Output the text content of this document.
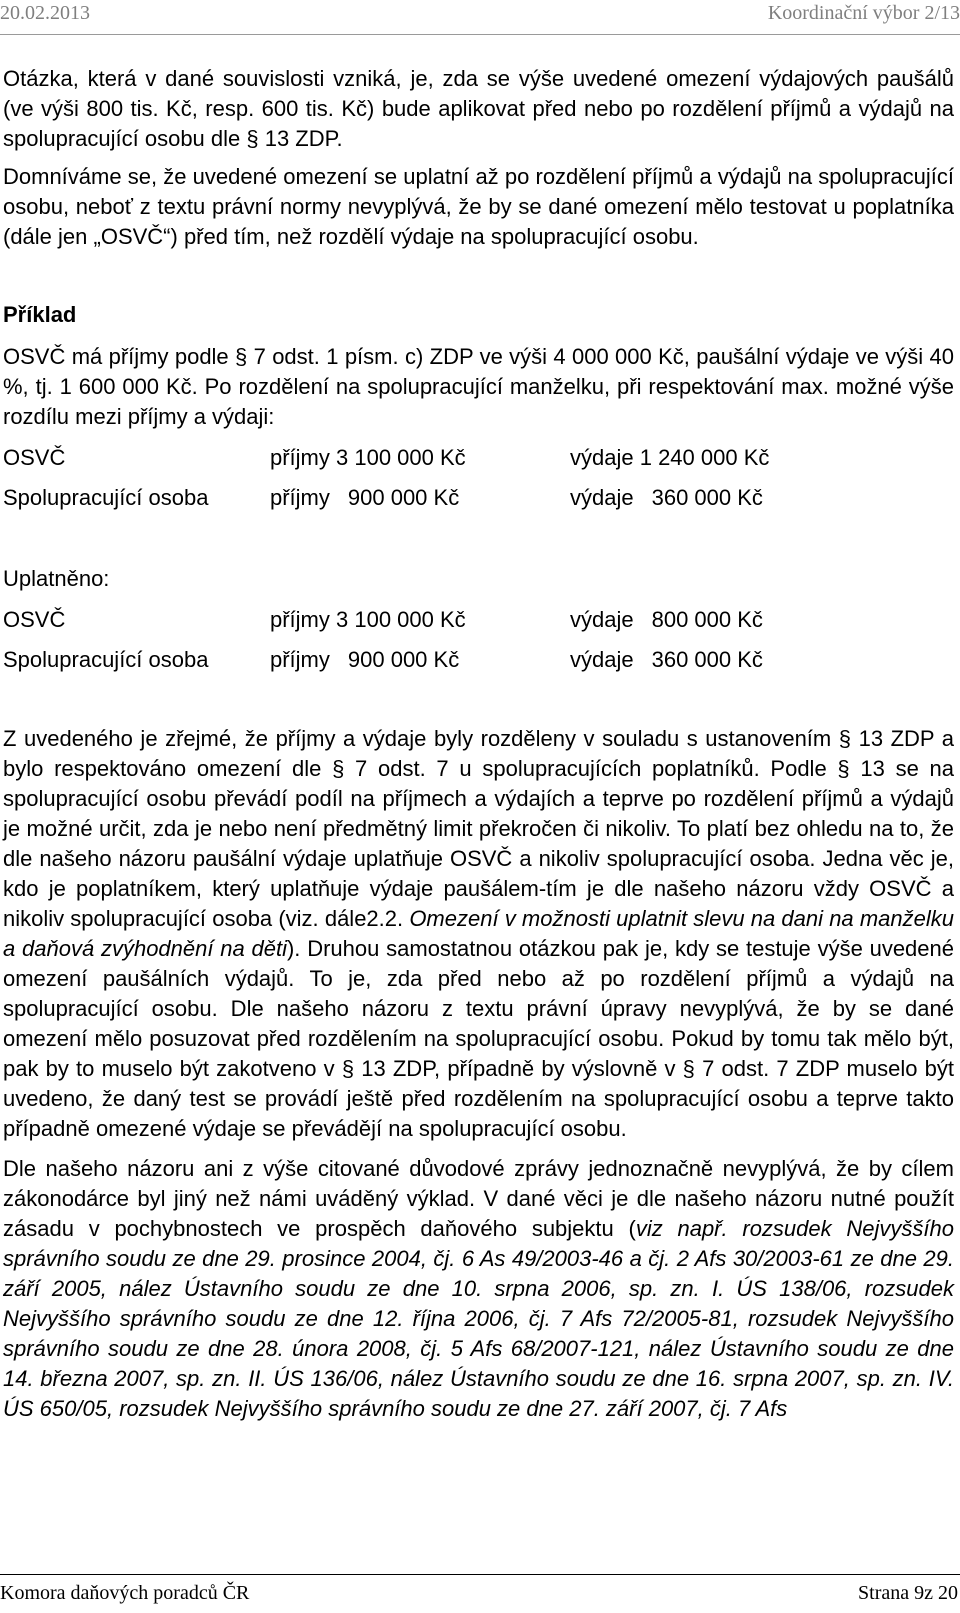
20.02.2013	Koordinační výbor 2/13

Otázka, která v dané souvislosti vzniká, je, zda se výše uvedené omezení výdajových paušálů (ve výši 800 tis. Kč, resp. 600 tis. Kč) bude aplikovat před nebo po rozdělení příjmů a výdajů na spolupracující osobu dle § 13 ZDP.

Domníváme se, že uvedené omezení se uplatní až po rozdělení příjmů a výdajů na spolupracující osobu, neboť z textu právní normy nevyplývá, že by se dané omezení mělo testovat u poplatníka (dále jen „OSVČ“) před tím, než rozdělí výdaje na spolupracující osobu.

Příklad

OSVČ má příjmy podle § 7 odst. 1 písm. c) ZDP ve výši 4 000 000 Kč, paušální výdaje ve výši 40 %, tj. 1 600 000 Kč. Po rozdělení na spolupracující manželku, při respektování max. možné výše rozdílu mezi příjmy a výdaji:

OSVČ	příjmy 3 100 000 Kč	výdaje 1 240 000 Kč
Spolupracující osoba	příjmy 900 000 Kč	výdaje 360 000 Kč
Uplatněno:
OSVČ	příjmy 3 100 000 Kč	výdaje 800 000 Kč
Spolupracující osoba	příjmy 900 000 Kč	výdaje 360 000 Kč

Z uvedeného je zřejmé, že příjmy a výdaje byly rozděleny v souladu s ustanovením § 13 ZDP a bylo respektováno omezení dle § 7 odst. 7 u spolupracujících poplatníků. Podle § 13 se na spolupracující osobu převádí podíl na příjmech a výdajích a teprve po rozdělení příjmů a výdajů je možné určit, zda je nebo není předmětný limit překročen či nikoliv. To platí bez ohledu na to, že dle našeho názoru paušální výdaje uplatňuje OSVČ a nikoliv spolupracující osoba. Jedna věc je, kdo je poplatníkem, který uplatňuje výdaje paušálem-tím je dle našeho názoru vždy OSVČ a nikoliv spolupracující osoba (viz. dále2.2. Omezení v možnosti uplatnit slevu na dani na manželku a daňová zvýhodnění na děti). Druhou samostatnou otázkou pak je, kdy se testuje výše uvedené omezení paušálních výdajů. To je, zda před nebo až po rozdělení příjmů a výdajů na spolupracující osobu. Dle našeho názoru z textu právní úpravy nevyplývá, že by se dané omezení mělo posuzovat před rozdělením na spolupracující osobu. Pokud by tomu tak mělo být, pak by to muselo být zakotveno v § 13 ZDP, případně by výslovně v § 7 odst. 7 ZDP muselo být uvedeno, že daný test se provádí ještě před rozdělením na spolupracující osobu a teprve takto případně omezené výdaje se převádějí na spolupracující osobu.

Dle našeho názoru ani z výše citované důvodové zprávy jednoznačně nevyplývá, že by cílem zákonodárce byl jiný než námi uváděný výklad. V dané věci je dle našeho názoru nutné použít zásadu v pochybnostech ve prospěch daňového subjektu (viz např. rozsudek Nejvyššího správního soudu ze dne 29. prosince 2004, čj. 6 As 49/2003-46 a čj. 2 Afs 30/2003-61 ze dne 29. září 2005, nález Ústavního soudu ze dne 10. srpna 2006, sp. zn. I. ÚS 138/06, rozsudek Nejvyššího správního soudu ze dne 12. října 2006, čj. 7 Afs 72/2005-81, rozsudek Nejvyššího správního soudu ze dne 28. února 2008, čj. 5 Afs 68/2007-121, nález Ústavního soudu ze dne 14. března 2007, sp. zn. II. ÚS 136/06, nález Ústavního soudu ze dne 16. srpna 2007, sp. zn. IV. ÚS 650/05, rozsudek Nejvyššího správního soudu ze dne 27. září 2007, čj. 7 Afs

Komora daňových poradců ČR	Strana 9z 20
